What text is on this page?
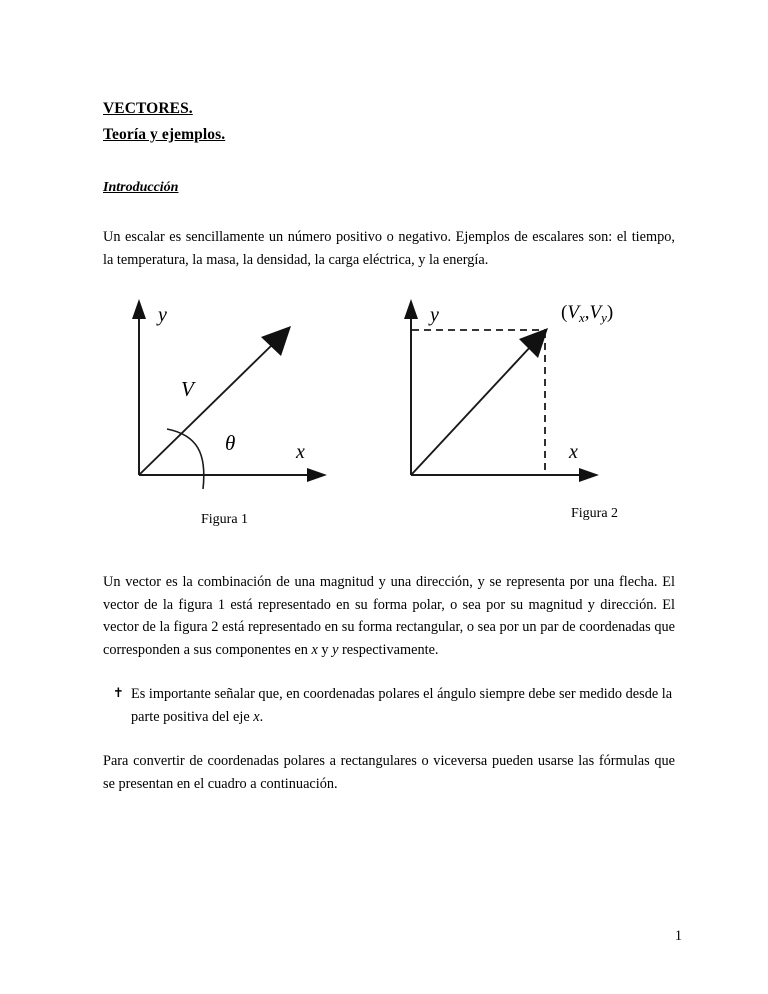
VECTORES.
Teoría y ejemplos.
Introducción

Un escalar es sencillamente un número positivo o negativo. Ejemplos de escalares son: el tiempo, la temperatura, la masa, la densidad, la carga eléctrica, y la energía.

y
x
V
θ
Figura 1
y
x
$(V_x,V_y)$
Figura 2

Un vector es la combinación de una magnitud y una dirección, y se representa por una flecha. El vector de la figura 1 está representado en su forma polar, o sea por su magnitud y dirección. El vector de la figura 2 está representado en su forma rectangular, o sea por un par de coordenadas que corresponden a sus componentes en x y y respectivamente.

✝ Es importante señalar que, en coordenadas polares el ángulo siempre debe ser medido desde la parte positiva del eje x.

Para convertir de coordenadas polares a rectangulares o viceversa pueden usarse las fórmulas que se presentan en el cuadro a continuación.

1
